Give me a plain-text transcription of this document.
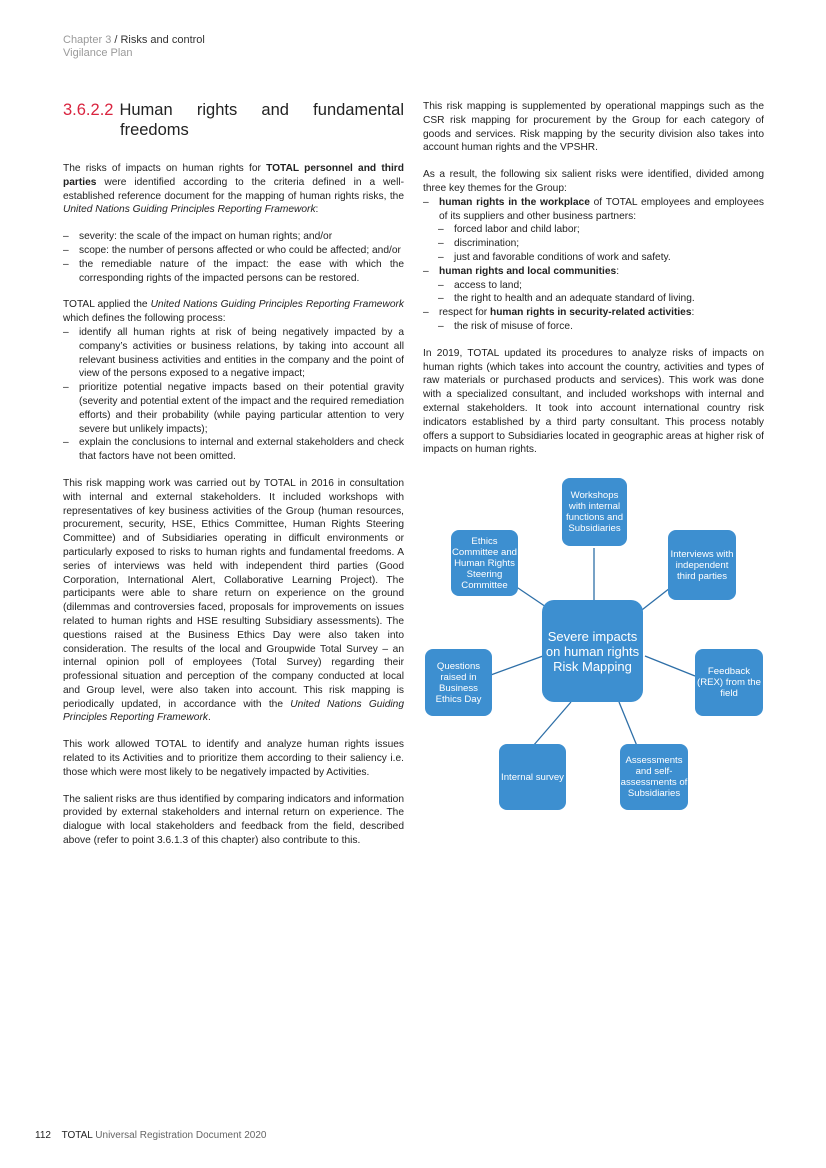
Chapter 3 / Risks and control
Vigilance Plan
3.6.2.2 Human rights and fundamental freedoms

The risks of impacts on human rights for TOTAL personnel and third parties were identified according to the criteria defined in a well-established reference document for the mapping of human rights risks, the United Nations Guiding Principles Reporting Framework:

– severity: the scale of the impact on human rights; and/or
– scope: the number of persons affected or who could be affected; and/or
– the remediable nature of the impact: the ease with which the corresponding rights of the impacted persons can be restored.

TOTAL applied the United Nations Guiding Principles Reporting Framework which defines the following process:

– identify all human rights at risk of being negatively impacted by a company’s activities or business relations, by taking into account all relevant business activities and entities in the company and the point of view of the persons exposed to a negative impact;
– prioritize potential negative impacts based on their potential gravity (severity and potential extent of the impact and the required remediation efforts) and their probability (while paying particular attention to very severe but unlikely impacts);
– explain the conclusions to internal and external stakeholders and check that factors have not been omitted.

This risk mapping work was carried out by TOTAL in 2016 in consultation with internal and external stakeholders. It included workshops with representatives of key business activities of the Group (human resources, procurement, security, HSE, Ethics Committee, Human Rights Steering Committee) and of Subsidiaries operating in difficult environments or particularly exposed to risks to human rights and fundamental freedoms. A series of interviews was held with independent third parties (Good Corporation, International Alert, Collaborative Learning Project). The participants were able to share return on experience on the ground (dilemmas and controversies faced, proposals for improvements on issues related to human rights and HSE resulting Subsidiary assessments). The questions raised at the Business Ethics Day were also taken into consideration. The results of the local and Groupwide Total Survey – an internal opinion poll of employees (Total Survey) regarding their professional situation and perception of the company conducted at local and Group level, were also taken into account. This risk mapping is periodically updated, in accordance with the United Nations Guiding Principles Reporting Framework.

This work allowed TOTAL to identify and analyze human rights issues related to its Activities and to prioritize them according to their saliency i.e. those which were most likely to be negatively impacted by Activities.

The salient risks are thus identified by comparing indicators and information provided by external stakeholders and internal return on experience. The dialogue with local stakeholders and feedback from the field, described above (refer to point 3.6.1.3 of this chapter) also contribute to this.

This risk mapping is supplemented by operational mappings such as the CSR risk mapping for procurement by the Group for each category of goods and services. Risk mapping by the security division also takes into account human rights and the VPSHR.

As a result, the following six salient risks were identified, divided among three key themes for the Group:

– human rights in the workplace of TOTAL employees and employees of its suppliers and other business partners:
– forced labor and child labor;
– discrimination;
– just and favorable conditions of work and safety.
– human rights and local communities:
– access to land;
– the right to health and an adequate standard of living.
– respect for human rights in security-related activities:
– the risk of misuse of force.

In 2019, TOTAL updated its procedures to analyze risks of impacts on human rights (which takes into account the country, activities and types of raw materials or purchased products and services). This work was done with a specialized consultant, and included workshops with internal and external stakeholders. It took into account international country risk indicators established by a third party consultant. This process notably offers a support to Subsidiaries located in geographic areas at higher risk of impacts on human rights.

Workshops with internal functions and Subsidiaries
Ethics Committee and Human Rights Steering Committee
Interviews with independent third parties
Severe impacts on human rights Risk Mapping
Questions raised in Business Ethics Day
Feedback (REX) from the field
Internal survey
Assessments and self-assessments of Subsidiaries
112 TOTAL Universal Registration Document 2020
